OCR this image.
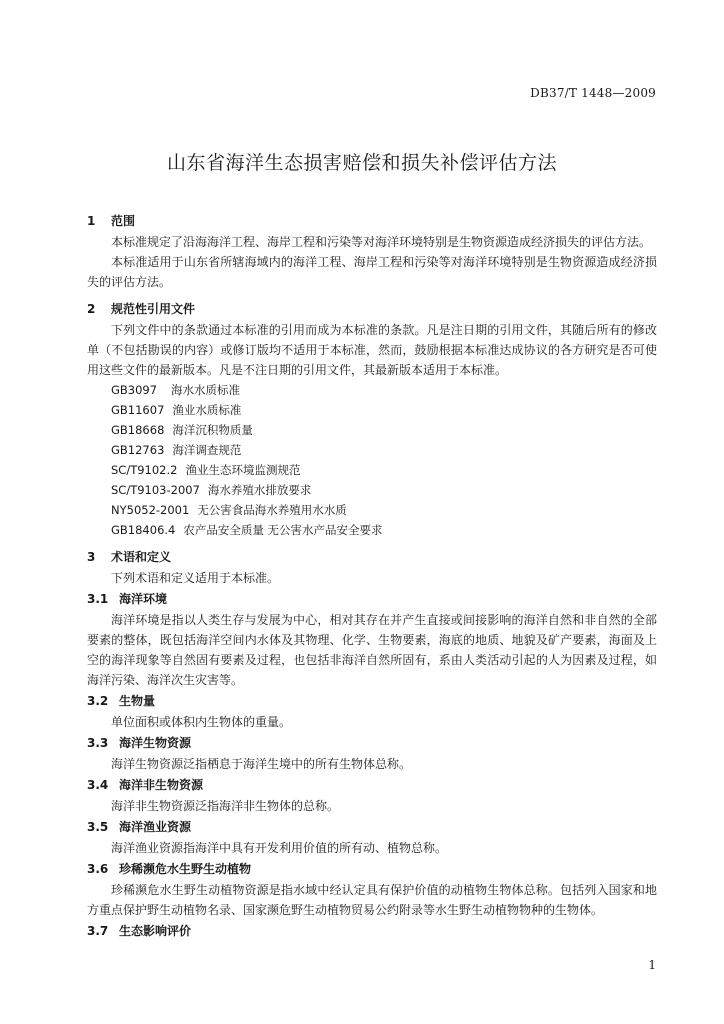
DB37/T 1448—2009
山东省海洋生态损害赔偿和损失补偿评估方法
1 范围

本标准规定了沿海海洋工程、海岸工程和污染等对海洋环境特别是生物资源造成经济损失的评估方法。

本标准适用于山东省所辖海域内的海洋工程、海岸工程和污染等对海洋环境特别是生物资源造成经济损失的评估方法。

2 规范性引用文件

下列文件中的条款通过本标准的引用而成为本标准的条款。凡是注日期的引用文件，其随后所有的修改单（不包括勘误的内容）或修订版均不适用于本标准，然而，鼓励根据本标准达成协议的各方研究是否可使用这些文件的最新版本。凡是不注日期的引用文件，其最新版本适用于本标准。

GB3097 海水水质标准

GB11607 渔业水质标准

GB18668 海洋沉积物质量

GB12763 海洋调查规范

SC/T9102.2 渔业生态环境监测规范

SC/T9103-2007 海水养殖水排放要求

NY5052-2001 无公害食品海水养殖用水水质

GB18406.4 农产品安全质量 无公害水产品安全要求

3 术语和定义

下列术语和定义适用于本标准。

3.1 海洋环境

海洋环境是指以人类生存与发展为中心，相对其存在并产生直接或间接影响的海洋自然和非自然的全部要素的整体，既包括海洋空间内水体及其物理、化学、生物要素，海底的地质、地貌及矿产要素，海面及上空的海洋现象等自然固有要素及过程，也包括非海洋自然所固有，系由人类活动引起的人为因素及过程，如海洋污染、海洋次生灾害等。

3.2 生物量

单位面积或体积内生物体的重量。

3.3 海洋生物资源

海洋生物资源泛指栖息于海洋生境中的所有生物体总称。

3.4 海洋非生物资源

海洋非生物资源泛指海洋非生物体的总称。

3.5 海洋渔业资源

海洋渔业资源指海洋中具有开发利用价值的所有动、植物总称。

3.6 珍稀濒危水生野生动植物

珍稀濒危水生野生动植物资源是指水域中经认定具有保护价值的动植物生物体总称。包括列入国家和地方重点保护野生动植物名录、国家濒危野生动植物贸易公约附录等水生野生动植物物种的生物体。

3.7 生态影响评价
1
